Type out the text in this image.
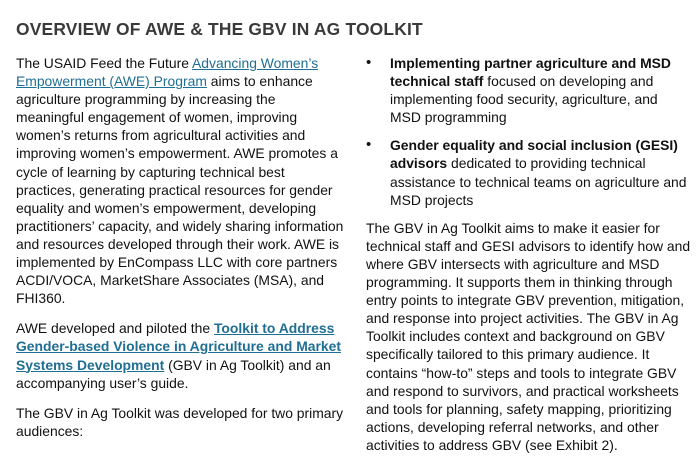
OVERVIEW OF AWE & THE GBV IN AG TOOLKIT

The USAID Feed the Future Advancing Women’s Empowerment (AWE) Program aims to enhance agriculture programming by increasing the meaningful engagement of women, improving women’s returns from agricultural activities and improving women’s empowerment. AWE promotes a cycle of learning by capturing technical best practices, generating practical resources for gender equality and women’s empowerment, developing practitioners’ capacity, and widely sharing information and resources developed through their work. AWE is implemented by EnCompass LLC with core partners ACDI/VOCA, MarketShare Associates (MSA), and FHI360.

AWE developed and piloted the Toolkit to Address Gender-based Violence in Agriculture and Market Systems Development (GBV in Ag Toolkit) and an accompanying user’s guide.

The GBV in Ag Toolkit was developed for two primary audiences:

• Implementing partner agriculture and MSD technical staff focused on developing and implementing food security, agriculture, and MSD programming
• Gender equality and social inclusion (GESI) advisors dedicated to providing technical assistance to technical teams on agriculture and MSD projects

The GBV in Ag Toolkit aims to make it easier for technical staff and GESI advisors to identify how and where GBV intersects with agriculture and MSD programming. It supports them in thinking through entry points to integrate GBV prevention, mitigation, and response into project activities. The GBV in Ag Toolkit includes context and background on GBV specifically tailored to this primary audience. It contains “how-to” steps and tools to integrate GBV and respond to survivors, and practical worksheets and tools for planning, safety mapping, prioritizing actions, developing referral networks, and other activities to address GBV (see Exhibit 2).
